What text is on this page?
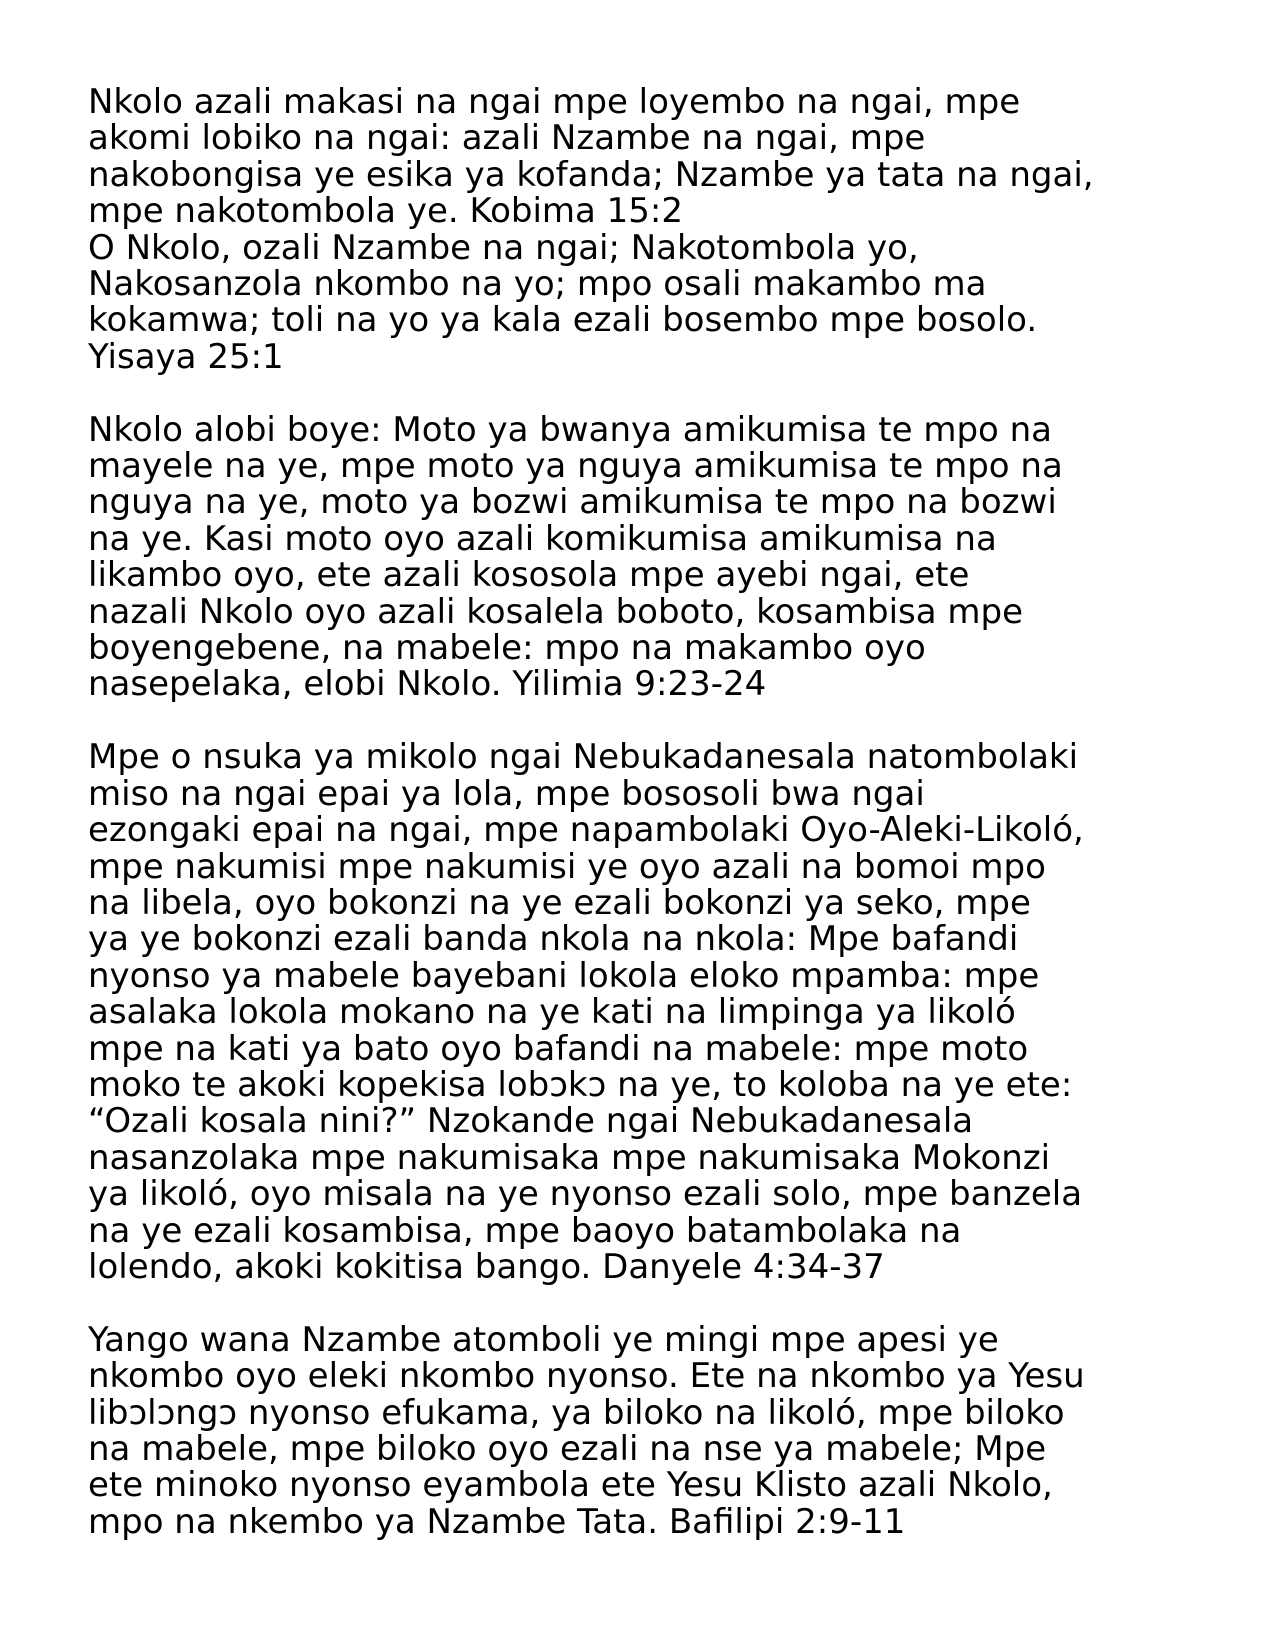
Nkolo azali makasi na ngai mpe loyembo na ngai, mpe
akomi lobiko na ngai: azali Nzambe na ngai, mpe
nakobongisa ye esika ya kofanda; Nzambe ya tata na ngai,
mpe nakotombola ye. Kobima 15:2
O Nkolo, ozali Nzambe na ngai; Nakotombola yo,
Nakosanzola nkombo na yo; mpo osali makambo ma
kokamwa; toli na yo ya kala ezali bosembo mpe bosolo.
Yisaya 25:1
Nkolo alobi boye: Moto ya bwanya amikumisa te mpo na
mayele na ye, mpe moto ya nguya amikumisa te mpo na
nguya na ye, moto ya bozwi amikumisa te mpo na bozwi
na ye. Kasi moto oyo azali komikumisa amikumisa na
likambo oyo, ete azali kososola mpe ayebi ngai, ete
nazali Nkolo oyo azali kosalela boboto, kosambisa mpe
boyengebene, na mabele: mpo na makambo oyo
nasepelaka, elobi Nkolo. Yilimia 9:23-24
Mpe o nsuka ya mikolo ngai Nebukadanesala natombolaki
miso na ngai epai ya lola, mpe bososoli bwa ngai
ezongaki epai na ngai, mpe napambolaki Oyo-Aleki-Likoló,
mpe nakumisi mpe nakumisi ye oyo azali na bomoi mpo
na libela, oyo bokonzi na ye ezali bokonzi ya seko, mpe
ya ye bokonzi ezali banda nkola na nkola: Mpe bafandi
nyonso ya mabele bayebani lokola eloko mpamba: mpe
asalaka lokola mokano na ye kati na limpinga ya likoló
mpe na kati ya bato oyo bafandi na mabele: mpe moto
moko te akoki kopekisa lobɔkɔ na ye, to koloba na ye ete:
“Ozali kosala nini?” Nzokande ngai Nebukadanesala
nasanzolaka mpe nakumisaka mpe nakumisaka Mokonzi
ya likoló, oyo misala na ye nyonso ezali solo, mpe banzela
na ye ezali kosambisa, mpe baoyo batambolaka na
lolendo, akoki kokitisa bango. Danyele 4:34-37
Yango wana Nzambe atomboli ye mingi mpe apesi ye
nkombo oyo eleki nkombo nyonso. Ete na nkombo ya Yesu
libɔlɔngɔ nyonso efukama, ya biloko na likoló, mpe biloko
na mabele, mpe biloko oyo ezali na nse ya mabele; Mpe
ete minoko nyonso eyambola ete Yesu Klisto azali Nkolo,
mpo na nkembo ya Nzambe Tata. Bafilipi 2:9-11
